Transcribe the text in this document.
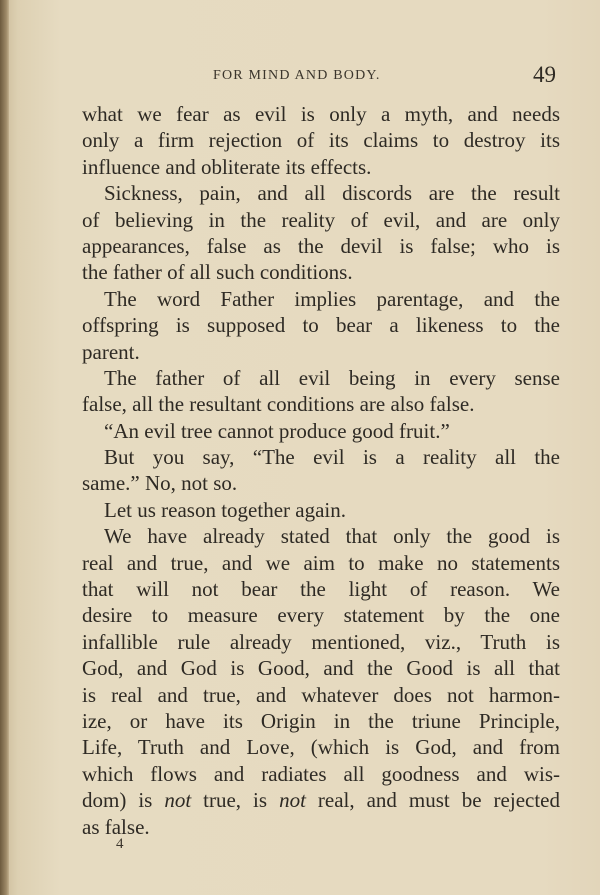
FOR MIND AND BODY.	49
what we fear as evil is only a myth, and needs
only a firm rejection of its claims to destroy its
influence and obliterate its effects.
Sickness, pain, and all discords are the result
of believing in the reality of evil, and are only
appearances, false as the devil is false; who is
the father of all such conditions.
The word Father implies parentage, and the
offspring is supposed to bear a likeness to the
parent.
The father of all evil being in every sense
false, all the resultant conditions are also false.
“An evil tree cannot produce good fruit.”
But you say, “The evil is a reality all the
same.” No, not so.
Let us reason together again.
We have already stated that only the good is
real and true, and we aim to make no statements
that will not bear the light of reason. We
desire to measure every statement by the one
infallible rule already mentioned, viz., Truth is
God, and God is Good, and the Good is all that
is real and true, and whatever does not harmon-
ize, or have its Origin in the triune Principle,
Life, Truth and Love, (which is God, and from
which flows and radiates all goodness and wis-
dom) is not true, is not real, and must be rejected
as false.
4
